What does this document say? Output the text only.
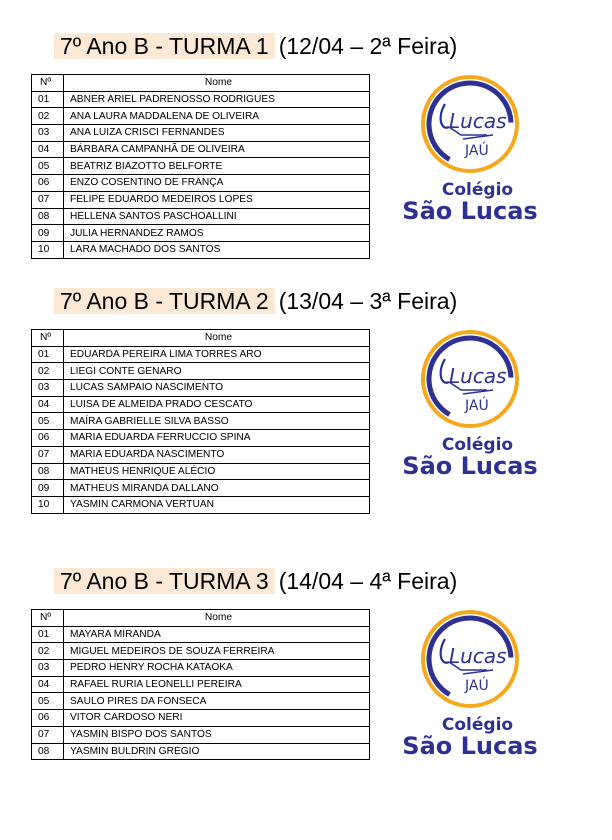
7º Ano B - TURMA 1 (12/04 – 2ª Feira)
Nº	Nome
01	ABNER ARIEL PADRENOSSO RODRIGUES
02	ANA LAURA MADDALENA DE OLIVEIRA
03	ANA LUIZA CRISCI FERNANDES
04	BÁRBARA CAMPANHÃ DE OLIVEIRA
05	BEATRIZ BIAZOTTO BELFORTE
06	ENZO COSENTINO DE FRANÇA
07	FELIPE EDUARDO MEDEIROS LOPES
08	HELLENA SANTOS PASCHOALLINI
09	JULIA HERNANDEZ RAMOS
10	LARA MACHADO DOS SANTOS
Lucas
JAÚ
Colégio
São Lucas
7º Ano B - TURMA 2 (13/04 – 3ª Feira)
Nº	Nome
01	EDUARDA PEREIRA LIMA TORRES ARO
02	LIEGI CONTE GENARO
03	LUCAS SAMPAIO NASCIMENTO
04	LUISA DE ALMEIDA PRADO CESCATO
05	MAÍRA GABRIELLE SILVA BASSO
06	MARIA EDUARDA FERRUCCIO SPINA
07	MARIA EDUARDA NASCIMENTO
08	MATHEUS HENRIQUE ALÉCIO
09	MATHEUS MIRANDA DALLANO
10	YASMIN CARMONA VERTUAN
Lucas
JAÚ
Colégio
São Lucas
7º Ano B - TURMA 3 (14/04 – 4ª Feira)
Nº	Nome
01	MAYARA MIRANDA
02	MIGUEL MEDEIROS DE SOUZA FERREIRA
03	PEDRO HENRY ROCHA KATAOKA
04	RAFAEL RURIA LEONELLI PEREIRA
05	SAULO PIRES DA FONSECA
06	VITOR CARDOSO NERI
07	YASMIN BISPO DOS SANTOS
08	YASMIN BULDRIN GREGIO
Lucas
JAÚ
Colégio
São Lucas
